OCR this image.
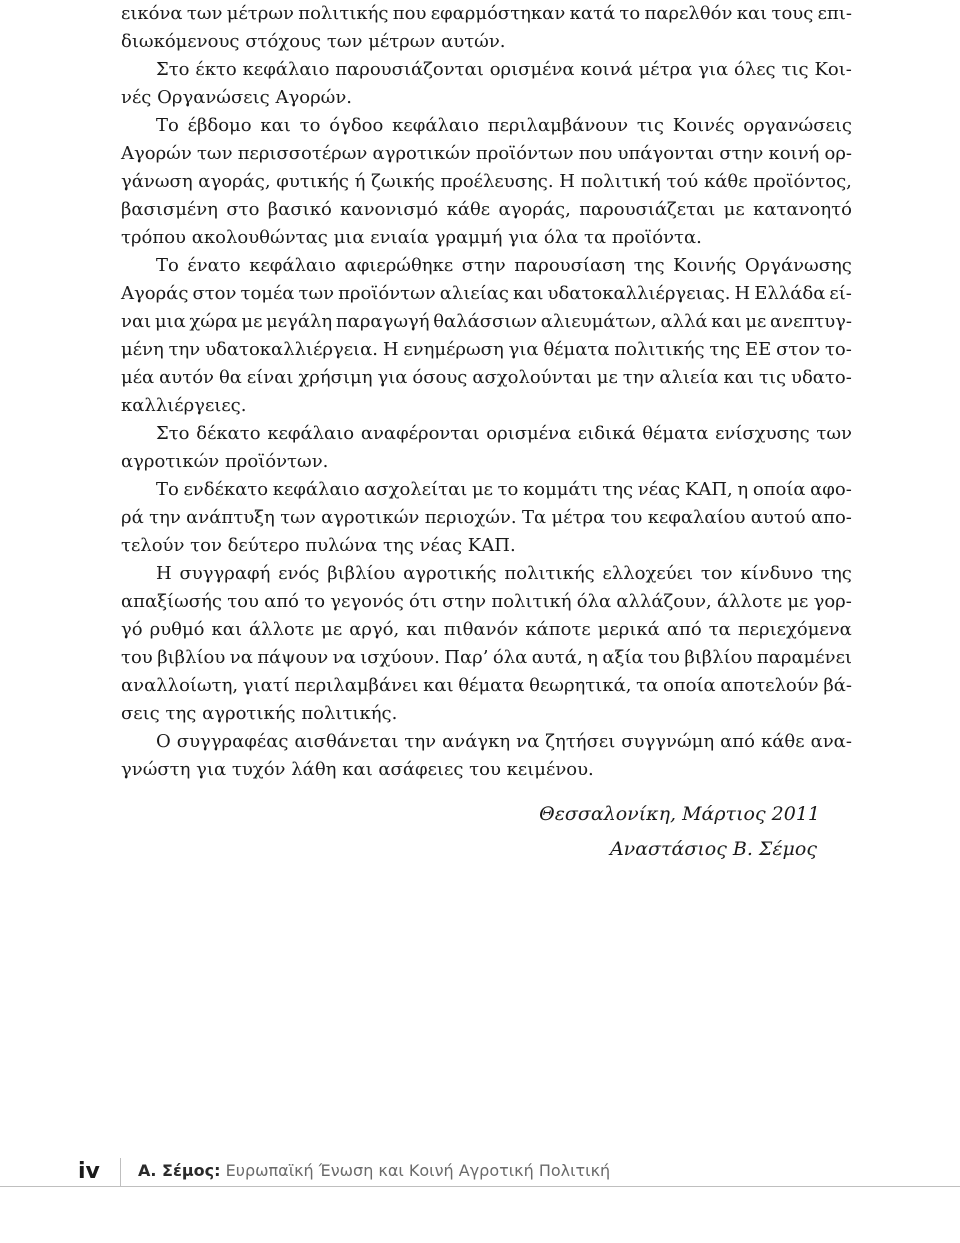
εικόνα των μέτρων πολιτικής που εφαρμόστηκαν κατά το παρελθόν και τους επι-
διωκόμενους στόχους των μέτρων αυτών.
Στο έκτο κεφάλαιο παρουσιάζονται ορισμένα κοινά μέτρα για όλες τις Κοι-
νές Οργανώσεις Αγορών.
Το έβδομο και το όγδοο κεφάλαιο περιλαμβάνουν τις Κοινές οργανώσεις
Αγορών των περισσοτέρων αγροτικών προϊόντων που υπάγονται στην κοινή ορ-
γάνωση αγοράς, φυτικής ή ζωικής προέλευσης. Η πολιτική τού κάθε προϊόντος,
βασισμένη στο βασικό κανονισμό κάθε αγοράς, παρουσιάζεται με κατανοητό
τρόπου ακολουθώντας μια ενιαία γραμμή για όλα τα προϊόντα.
Το ένατο κεφάλαιο αφιερώθηκε στην παρουσίαση της Κοινής Οργάνωσης
Αγοράς στον τομέα των προϊόντων αλιείας και υδατοκαλλιέργειας. Η Ελλάδα εί-
ναι μια χώρα με μεγάλη παραγωγή θαλάσσιων αλιευμάτων, αλλά και με ανεπτυγ-
μένη την υδατοκαλλιέργεια. Η ενημέρωση για θέματα πολιτικής της ΕΕ στον το-
μέα αυτόν θα είναι χρήσιμη για όσους ασχολούνται με την αλιεία και τις υδατο-
καλλιέργειες.
Στο δέκατο κεφάλαιο αναφέρονται ορισμένα ειδικά θέματα ενίσχυσης των
αγροτικών προϊόντων.
Το ενδέκατο κεφάλαιο ασχολείται με το κομμάτι της νέας ΚΑΠ, η οποία αφο-
ρά την ανάπτυξη των αγροτικών περιοχών. Τα μέτρα του κεφαλαίου αυτού απο-
τελούν τον δεύτερο πυλώνα της νέας ΚΑΠ.
Η συγγραφή ενός βιβλίου αγροτικής πολιτικής ελλοχεύει τον κίνδυνο της
απαξίωσής του από το γεγονός ότι στην πολιτική όλα αλλάζουν, άλλοτε με γορ-
γό ρυθμό και άλλοτε με αργό, και πιθανόν κάποτε μερικά από τα περιεχόμενα
του βιβλίου να πάψουν να ισχύουν. Παρ’ όλα αυτά, η αξία του βιβλίου παραμένει
αναλλοίωτη, γιατί περιλαμβάνει και θέματα θεωρητικά, τα οποία αποτελούν βά-
σεις της αγροτικής πολιτικής.
Ο συγγραφέας αισθάνεται την ανάγκη να ζητήσει συγγνώμη από κάθε ανα-
γνώστη για τυχόν λάθη και ασάφειες του κειμένου.
Θεσσαλονίκη, Μάρτιος 2011
Αναστάσιος Β. Σέμος
iv Α. Σέμος: Ευρωπαϊκή Ένωση και Κοινή Αγροτική Πολιτική
